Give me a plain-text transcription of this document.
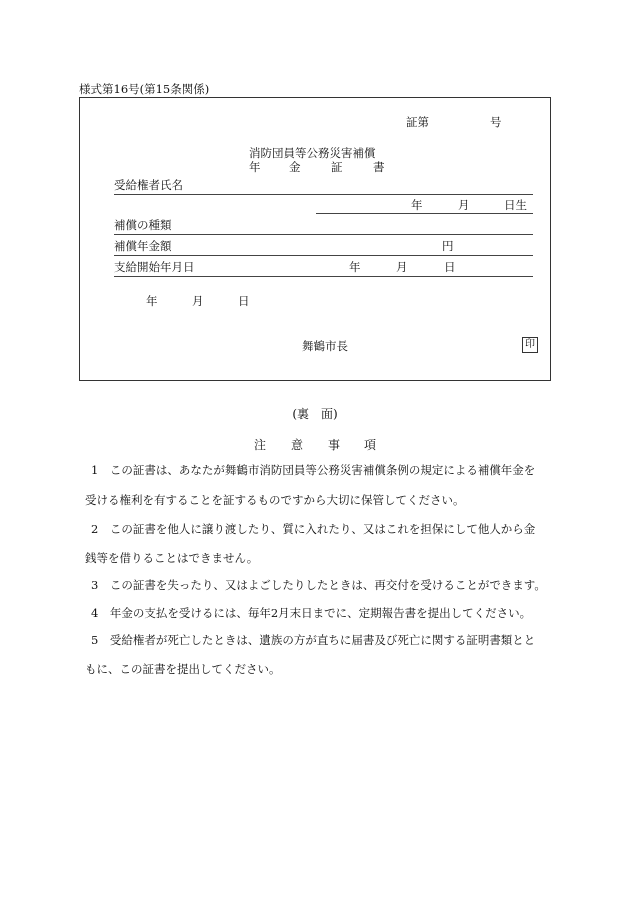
様式第16号(第15条関係)
証第	号
消防団員等公務災害補償
年 金	証	書
受給権者氏名
年	月	日生
補償の種類
補償年金額	円
支給開始年月日	年	月	日
年	月	日
舞鶴市長	印
(裏　面)
注 意 事 項
1　この証書は、あなたが舞鶴市消防団員等公務災害補償条例の規定による補償年金を
受ける権利を有することを証するものですから大切に保管してください。
2　この証書を他人に譲り渡したり、質に入れたり、又はこれを担保にして他人から金
銭等を借りることはできません。
3　この証書を失ったり、又はよごしたりしたときは、再交付を受けることができます。
4　年金の支払を受けるには、毎年2月末日までに、定期報告書を提出してください。
5　受給権者が死亡したときは、遺族の方が直ちに届書及び死亡に関する証明書類とと
もに、この証書を提出してください。
